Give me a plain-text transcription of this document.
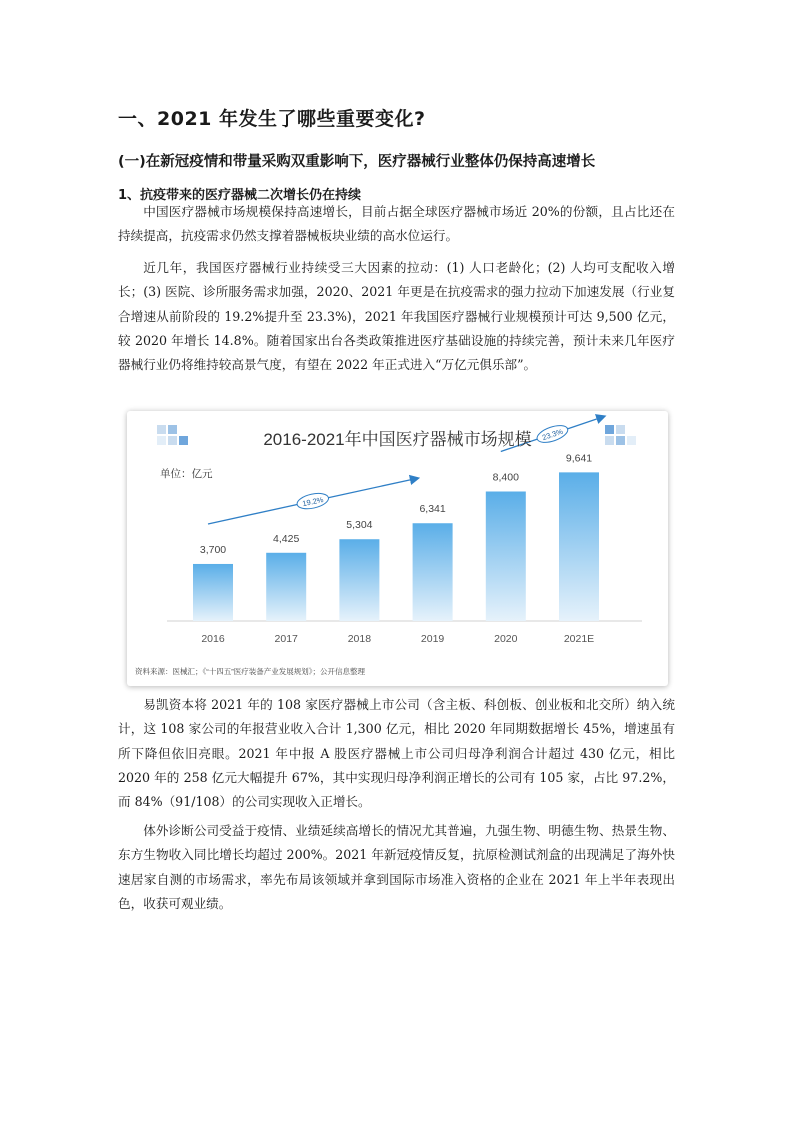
一、2021 年发生了哪些重要变化?
(一)在新冠疫情和带量采购双重影响下，医疗器械行业整体仍保持高速增长
1、抗疫带来的医疗器械二次增长仍在持续

中国医疗器械市场规模保持高速增长，目前占据全球医疗器械市场近 20%的份额，且占比还在持续提高，抗疫需求仍然支撑着器械板块业绩的高水位运行。

近几年，我国医疗器械行业持续受三大因素的拉动：(1) 人口老龄化；(2) 人均可支配收入增长；(3) 医院、诊所服务需求加强，2020、2021 年更是在抗疫需求的强力拉动下加速发展（行业复合增速从前阶段的 19.2%提升至 23.3%)，2021 年我国医疗器械行业规模预计可达 9,500 亿元，较 2020 年增长 14.8%。随着国家出台各类政策推进医疗基础设施的持续完善，预计未来几年医疗器械行业仍将维持较高景气度，有望在 2022 年正式进入“万亿元俱乐部”。

3,700
2016
4,425
2017
5,304
2018
6,341
2019
8,400
2020
9,641
2021E
19.2%
23.3%
2016-2021年中国医疗器械市场规模
单位：亿元
资料来源：医械汇；《“十四五”医疗装备产业发展规划》；公开信息整理

易凯资本将 2021 年的 108 家医疗器械上市公司（含主板、科创板、创业板和北交所）纳入统计，这 108 家公司的年报营业收入合计 1,300 亿元，相比 2020 年同期数据增长 45%，增速虽有所下降但依旧亮眼。2021 年中报 A 股医疗器械上市公司归母净利润合计超过 430 亿元，相比 2020 年的 258 亿元大幅提升 67%，其中实现归母净利润正增长的公司有 105 家，占比 97.2%，而 84%（91/108）的公司实现收入正增长。

体外诊断公司受益于疫情、业绩延续高增长的情况尤其普遍，九强生物、明德生物、热景生物、东方生物收入同比增长均超过 200%。2021 年新冠疫情反复，抗原检测试剂盒的出现满足了海外快速居家自测的市场需求，率先布局该领域并拿到国际市场准入资格的企业在 2021 年上半年表现出色，收获可观业绩。
